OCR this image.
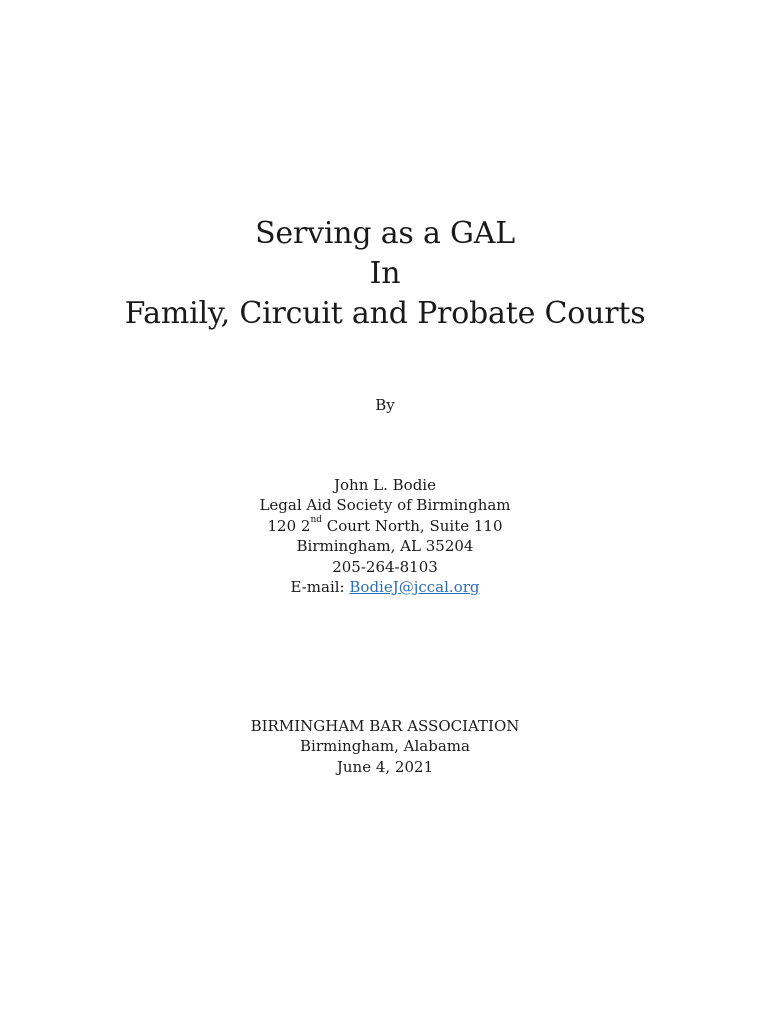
Serving as a GAL
In
Family, Circuit and Probate Courts
By
John L. Bodie
Legal Aid Society of Birmingham
120 2nd Court North, Suite 110
Birmingham, AL 35204
205-264-8103
E-mail: BodieJ@jccal.org
BIRMINGHAM BAR ASSOCIATION
Birmingham, Alabama
June 4, 2021
